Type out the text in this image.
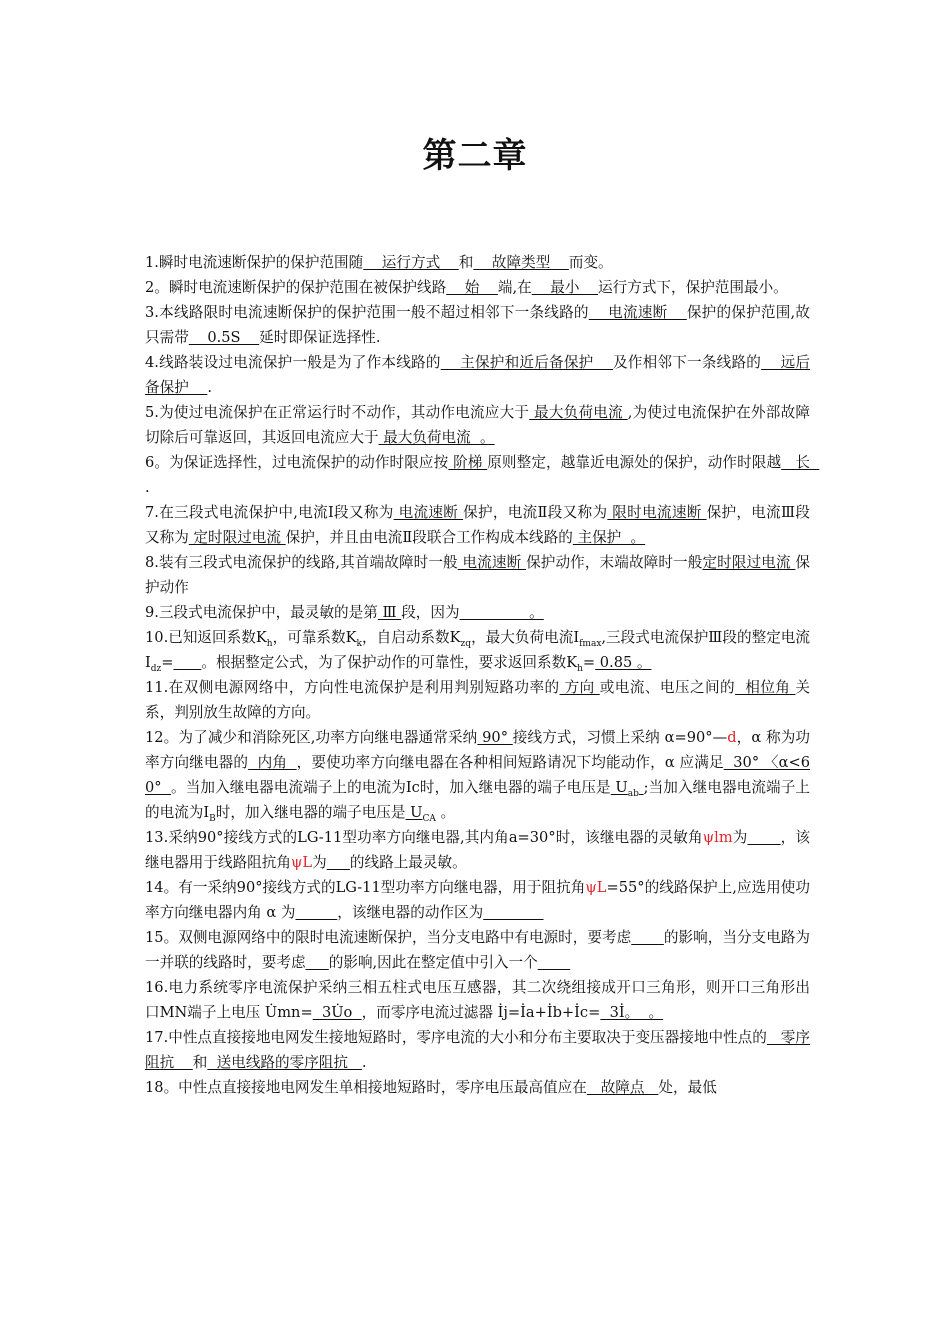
第二章

1.瞬时电流速断保护的保护范围随    运行方式    和    故障类型    而变。

2。瞬时电流速断保护的保护范围在被保护线路    始    端,在    最小    运行方式下，保护范围最小。

3.本线路限时电流速断保护的保护范围一般不超过相邻下一条线路的    电流速断    保护的保护范围,故只需带    0.5S    延时即保证选择性.

4.线路装设过电流保护一般是为了作本线路的    主保护和近后备保护    及作相邻下一条线路的    远后备保护    .

5.为使过电流保护在正常运行时不动作，其动作电流应大于 最大负荷电流 ,为使过电流保护在外部故障切除后可靠返回，其返回电流应大于 最大负荷电流  。

6。为保证选择性，过电流保护的动作时限应按 阶梯 原则整定，越靠近电源处的保护，动作时限越   长  .

7.在三段式电流保护中,电流Ⅰ段又称为 电流速断 保护，电流Ⅱ段又称为 限时电流速断 保护，电流Ⅲ段又称为 定时限过电流 保护，并且由电流Ⅱ段联合工作构成本线路的 主保护  。

8.装有三段式电流保护的线路,其首端故障时一般 电流速断 保护动作，末端故障时一般定时限过电流 保护动作

9.三段式电流保护中，最灵敏的是第 Ⅲ 段，因为               。

10.已知返回系数$K_h$，可靠系数$K_k$，自启动系数$K_{zq}$，最大负荷电流$I_{fmax}$,三段式电流保护Ⅲ段的整定电流$I_{dz}=$ 。根据整定公式，为了保护动作的可靠性，要求返回系数$K_h= 0.85$ 。

11.在双侧电源网络中，方向性电流保护是利用判别短路功率的 方向 或电流、电压之间的  相位角 关系，判别放生故障的方向。

12。为了减少和消除死区,功率方向继电器通常采纳 90° 接线方式，习惯上采纳 α=90°—d，α 称为功率方向继电器的  内角  ，要使功率方向继电器在各种相间短路请况下均能动作，α 应满足  30° 〈α<60°  。当加入继电器电流端子上的电流为Ic时，加入继电器的端子电压是 $U_{ab}$ ;当加入继电器电流端子上的电流为$I_B$时，加入继电器的端子电压是 $U_{CA}$ 。

13.采纳90°接线方式的LG-11型功率方向继电器,其内角a=30°时，该继电器的灵敏角ψlm为 ，该继电器用于线路阻抗角ψL为 的线路上最灵敏。

14。有一采纳90°接线方式的LG-11型功率方向继电器，用于阻抗角ψL=55°的线路保护上,应选用使功率方向继电器内角 α 为	，该继电器的动作区为

15。双侧电源网络中的限时电流速断保护，当分支电路中有电源时，要考虑 的影响，当分支电路为一并联的线路时，要考虑 的影响,因此在整定值中引入一个

16.电力系统零序电流保护采纳三相五柱式电压互感器，其二次绕组接成开口三角形，则开口三角形出口MN端子上电压 U̇mn=  3U̇o  ，而零序电流过滤器 İj=İa+İb+İc=  3İ。  。

17.中性点直接接地电网发生接地短路时，零序电流的大小和分布主要取决于变压器接地中性点的   零序阻抗    和  送电线路的零序阻抗   .

18。中性点直接接地电网发生单相接地短路时，零序电压最高值应在   故障点   处，最低
